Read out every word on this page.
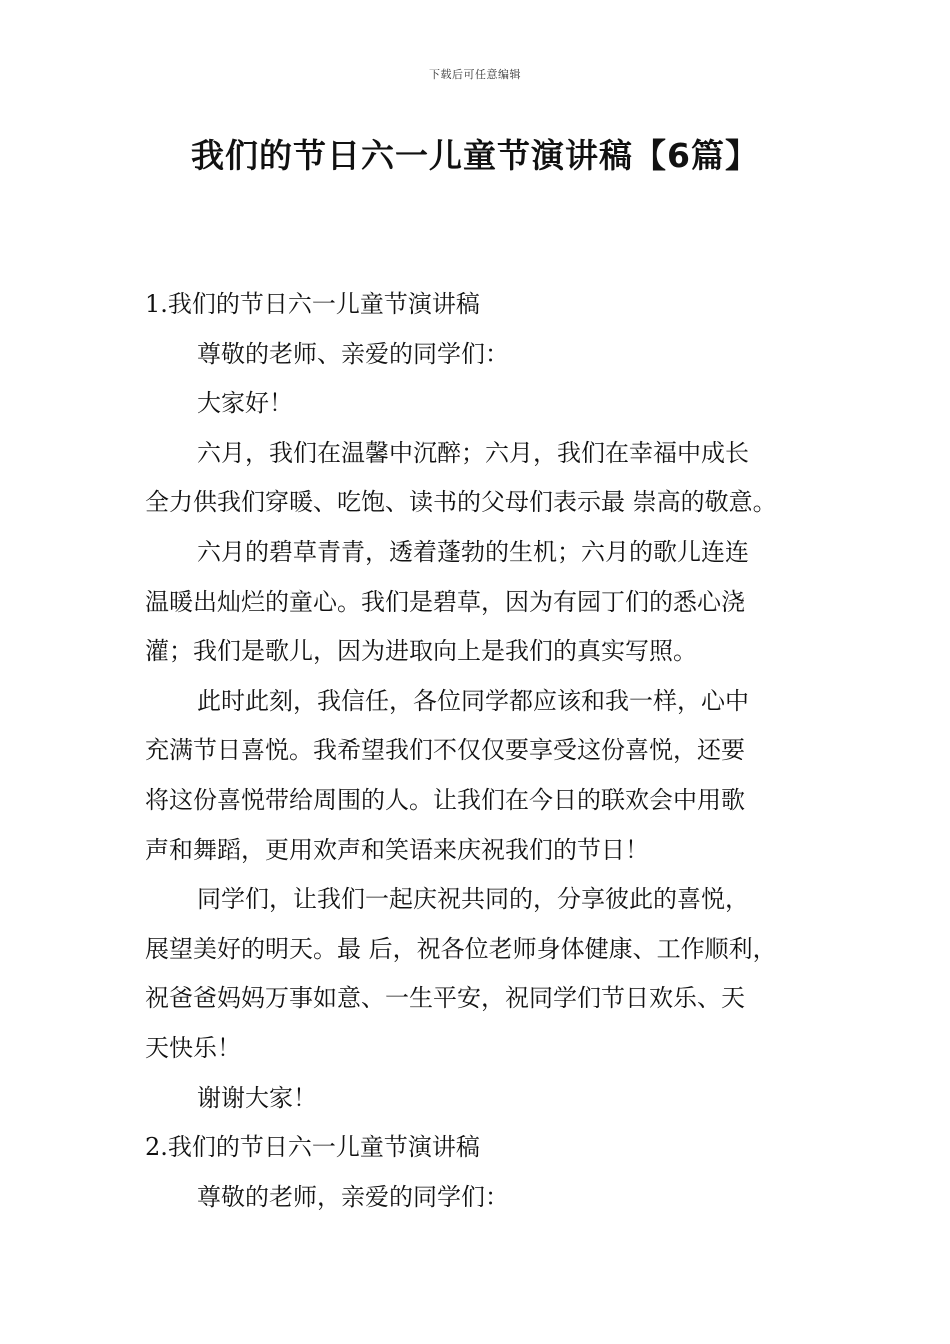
下载后可任意编辑
我们的节日六一儿童节演讲稿【6篇】
1.我们的节日六一儿童节演讲稿
尊敬的老师、亲爱的同学们：
大家好！
六月，我们在温馨中沉醉；六月，我们在幸福中成长
全力供我们穿暖、吃饱、读书的父母们表示最 崇高的敬意。
六月的碧草青青，透着蓬勃的生机；六月的歌儿连连
温暖出灿烂的童心。我们是碧草，因为有园丁们的悉心浇
灌；我们是歌儿，因为进取向上是我们的真实写照。
此时此刻，我信任，各位同学都应该和我一样，心中
充满节日喜悦。我希望我们不仅仅要享受这份喜悦，还要
将这份喜悦带给周围的人。让我们在今日的联欢会中用歌
声和舞蹈，更用欢声和笑语来庆祝我们的节日！
同学们，让我们一起庆祝共同的，分享彼此的喜悦，
展望美好的明天。最 后，祝各位老师身体健康、工作顺利，
祝爸爸妈妈万事如意、一生平安，祝同学们节日欢乐、天
天快乐！
谢谢大家！
2.我们的节日六一儿童节演讲稿
尊敬的老师，亲爱的同学们：
